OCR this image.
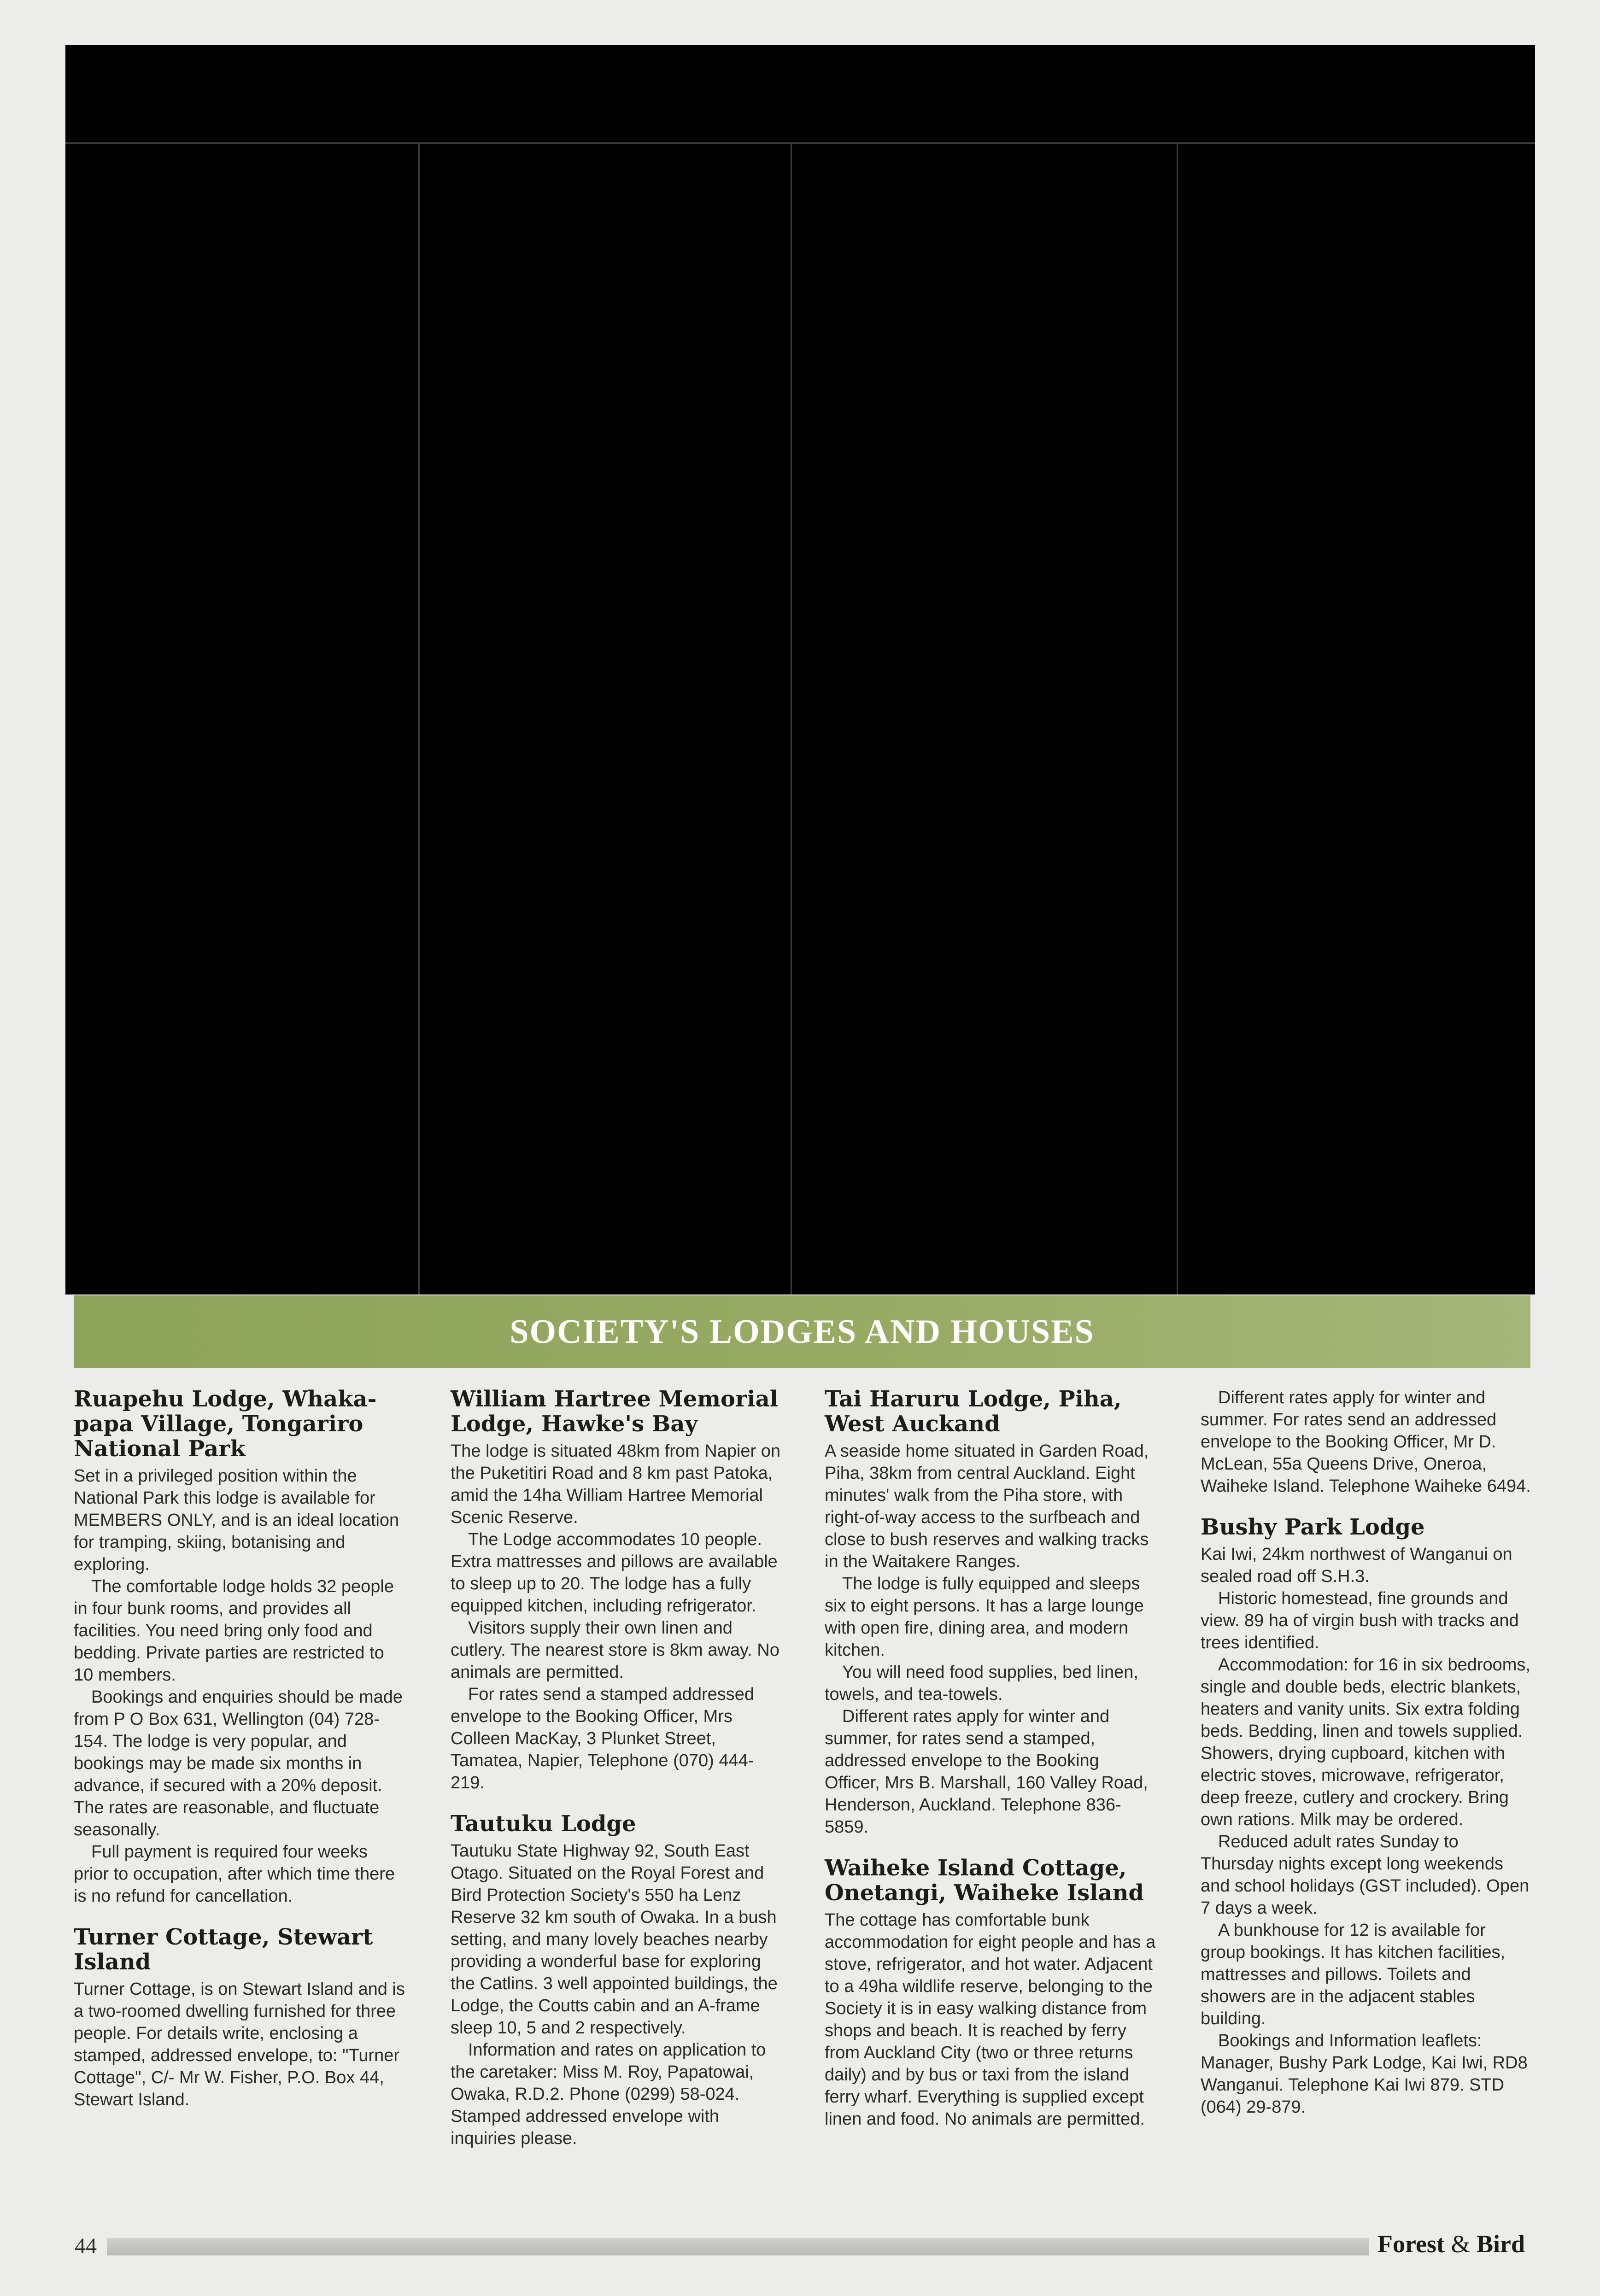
SOCIETY'S LODGES AND HOUSES
Ruapehu Lodge, Whaka-papa Village, Tongariro National Park

Set in a privileged position within the National Park this lodge is available for MEMBERS ONLY, and is an ideal location for tramping, skiing, botanising and exploring.

The comfortable lodge holds 32 people in four bunk rooms, and provides all facilities. You need bring only food and bedding. Private parties are restricted to 10 members.

Bookings and enquiries should be made from P O Box 631, Wellington (04) 728-154. The lodge is very popular, and bookings may be made six months in advance, if secured with a 20% deposit. The rates are reasonable, and fluctuate seasonally.

Full payment is required four weeks prior to occupation, after which time there is no refund for cancellation.

Turner Cottage, Stewart Island

Turner Cottage, is on Stewart Island and is a two-roomed dwelling furnished for three people. For details write, enclosing a stamped, addressed envelope, to: "Turner Cottage", C/- Mr W. Fisher, P.O. Box 44, Stewart Island.

William Hartree Memorial Lodge, Hawke's Bay

The lodge is situated 48km from Napier on the Puketitiri Road and 8 km past Patoka, amid the 14ha William Hartree Memorial Scenic Reserve.

The Lodge accommodates 10 people. Extra mattresses and pillows are available to sleep up to 20. The lodge has a fully equipped kitchen, including refrigerator.

Visitors supply their own linen and cutlery. The nearest store is 8km away. No animals are permitted.

For rates send a stamped addressed envelope to the Booking Officer, Mrs Colleen MacKay, 3 Plunket Street, Tamatea, Napier, Telephone (070) 444-219.

Tautuku Lodge

Tautuku State Highway 92, South East Otago. Situated on the Royal Forest and Bird Protection Society's 550 ha Lenz Reserve 32 km south of Owaka. In a bush setting, and many lovely beaches nearby providing a wonderful base for exploring the Catlins. 3 well appointed buildings, the Lodge, the Coutts cabin and an A-frame sleep 10, 5 and 2 respectively.

Information and rates on application to the caretaker: Miss M. Roy, Papatowai, Owaka, R.D.2. Phone (0299) 58-024. Stamped addressed envelope with inquiries please.

Tai Haruru Lodge, Piha, West Auckand

A seaside home situated in Garden Road, Piha, 38km from central Auckland. Eight minutes' walk from the Piha store, with right-of-way access to the surfbeach and close to bush reserves and walking tracks in the Waitakere Ranges.

The lodge is fully equipped and sleeps six to eight persons. It has a large lounge with open fire, dining area, and modern kitchen.

You will need food supplies, bed linen, towels, and tea-towels.

Different rates apply for winter and summer, for rates send a stamped, addressed envelope to the Booking Officer, Mrs B. Marshall, 160 Valley Road, Henderson, Auckland. Telephone 836-5859.

Waiheke Island Cottage, Onetangi, Waiheke Island

The cottage has comfortable bunk accommodation for eight people and has a stove, refrigerator, and hot water. Adjacent to a 49ha wildlife reserve, belonging to the Society it is in easy walking distance from shops and beach. It is reached by ferry from Auckland City (two or three returns daily) and by bus or taxi from the island ferry wharf. Everything is supplied except linen and food. No animals are permitted.

Different rates apply for winter and summer. For rates send an addressed envelope to the Booking Officer, Mr D. McLean, 55a Queens Drive, Oneroa, Waiheke Island. Telephone Waiheke 6494.

Bushy Park Lodge

Kai Iwi, 24km northwest of Wanganui on sealed road off S.H.3.

Historic homestead, fine grounds and view. 89 ha of virgin bush with tracks and trees identified.

Accommodation: for 16 in six bedrooms, single and double beds, electric blankets, heaters and vanity units. Six extra folding beds. Bedding, linen and towels supplied. Showers, drying cupboard, kitchen with electric stoves, microwave, refrigerator, deep freeze, cutlery and crockery. Bring own rations. Milk may be ordered.

Reduced adult rates Sunday to Thursday nights except long weekends and school holidays (GST included). Open 7 days a week.

A bunkhouse for 12 is available for group bookings. It has kitchen facilities, mattresses and pillows. Toilets and showers are in the adjacent stables building.

Bookings and Information leaflets: Manager, Bushy Park Lodge, Kai Iwi, RD8 Wanganui. Telephone Kai Iwi 879. STD (064) 29-879.

44	Forest & Bird
